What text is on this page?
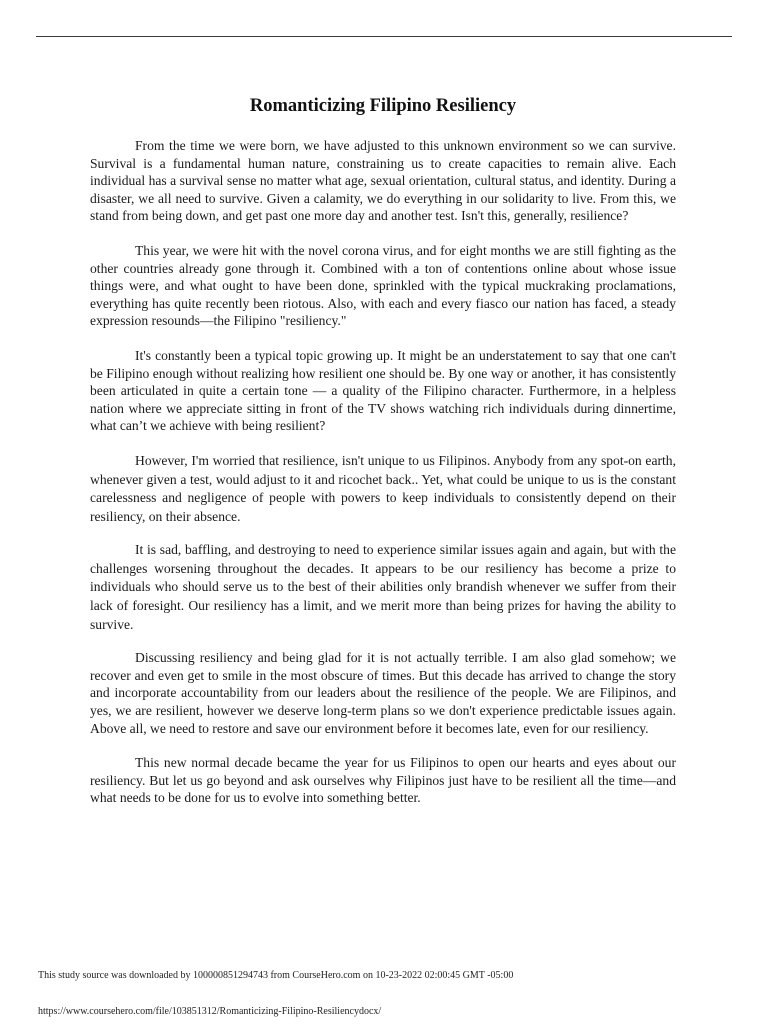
Romanticizing Filipino Resiliency

From the time we were born, we have adjusted to this unknown environment so we can survive. Survival is a fundamental human nature, constraining us to create capacities to remain alive. Each individual has a survival sense no matter what age, sexual orientation, cultural status, and identity. During a disaster, we all need to survive. Given a calamity, we do everything in our solidarity to live. From this, we stand from being down, and get past one more day and another test. Isn't this, generally, resilience?

This year, we were hit with the novel corona virus, and for eight months we are still fighting as the other countries already gone through it. Combined with a ton of contentions online about whose issue things were, and what ought to have been done, sprinkled with the typical muckraking proclamations, everything has quite recently been riotous. Also, with each and every fiasco our nation has faced, a steady expression resounds—the Filipino "resiliency."

It's constantly been a typical topic growing up. It might be an understatement to say that one can't be Filipino enough without realizing how resilient one should be. By one way or another, it has consistently been articulated in quite a certain tone — a quality of the Filipino character. Furthermore, in a helpless nation where we appreciate sitting in front of the TV shows watching rich individuals during dinnertime, what can’t we achieve with being resilient?

However, I'm worried that resilience, isn't unique to us Filipinos. Anybody from any spot-on earth, whenever given a test, would adjust to it and ricochet back.. Yet, what could be unique to us is the constant carelessness and negligence of people with powers to keep individuals to consistently depend on their resiliency, on their absence.

It is sad, baffling, and destroying to need to experience similar issues again and again, but with the challenges worsening throughout the decades. It appears to be our resiliency has become a prize to individuals who should serve us to the best of their abilities only brandish whenever we suffer from their lack of foresight. Our resiliency has a limit, and we merit more than being prizes for having the ability to survive.

Discussing resiliency and being glad for it is not actually terrible. I am also glad somehow; we recover and even get to smile in the most obscure of times. But this decade has arrived to change the story and incorporate accountability from our leaders about the resilience of the people. We are Filipinos, and yes, we are resilient, however we deserve long-term plans so we don't experience predictable issues again. Above all, we need to restore and save our environment before it becomes late, even for our resiliency.

This new normal decade became the year for us Filipinos to open our hearts and eyes about our resiliency. But let us go beyond and ask ourselves why Filipinos just have to be resilient all the time—and what needs to be done for us to evolve into something better.

This study source was downloaded by 100000851294743 from CourseHero.com on 10-23-2022 02:00:45 GMT -05:00
https://www.coursehero.com/file/103851312/Romanticizing-Filipino-Resiliencydocx/
